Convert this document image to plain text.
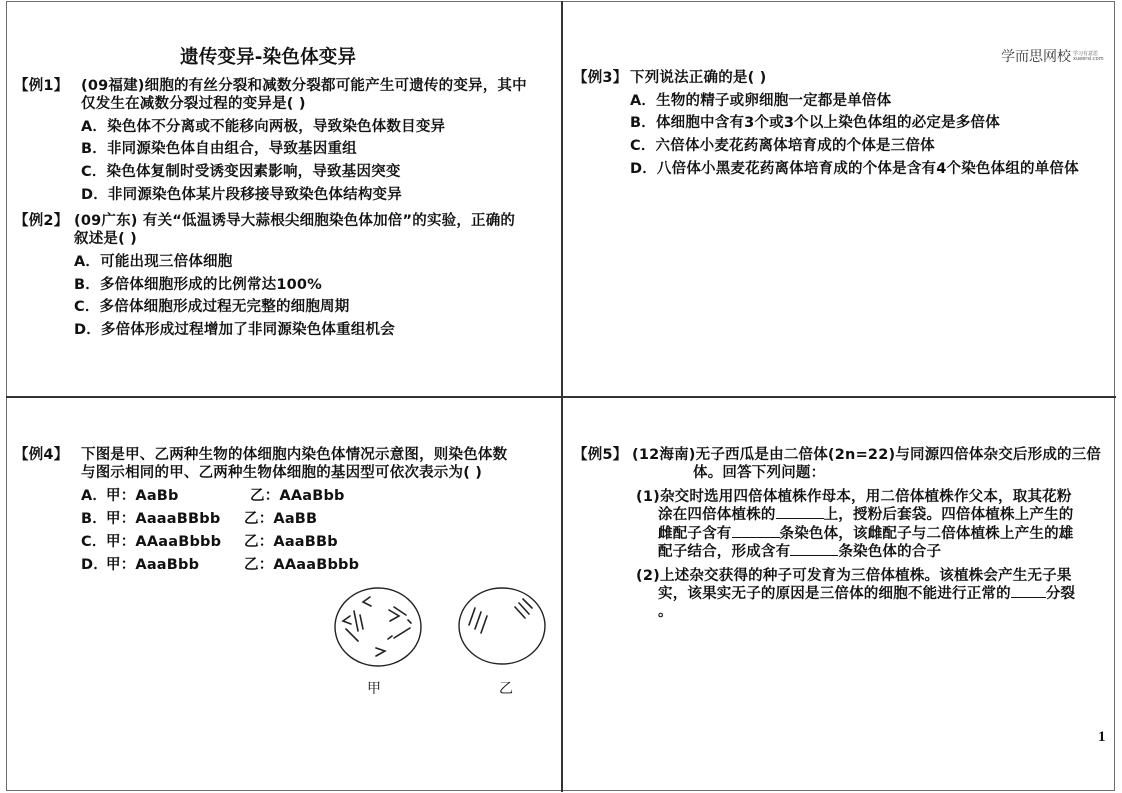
遗传变异-染色体变异
【例1】 (09福建)细胞的有丝分裂和减数分裂都可能产生可遗传的变异，其中
仅发生在减数分裂过程的变异是( )
A．染色体不分离或不能移向两极，导致染色体数目变异
B．非同源染色体自由组合，导致基因重组
C．染色体复制时受诱变因素影响，导致基因突变
D．非同源染色体某片段移接导致染色体结构变异
【例2】 (09广东) 有关“低温诱导大蒜根尖细胞染色体加倍”的实验，正确的
叙述是( )
A．可能出现三倍体细胞
B．多倍体细胞形成的比例常达100%
C．多倍体细胞形成过程无完整的细胞周期
D．多倍体形成过程增加了非同源染色体重组机会
学而思网校 学习有意思
xueersi.com
【例3】 下列说法正确的是( )
A．生物的精子或卵细胞一定都是单倍体
B．体细胞中含有3个或3个以上染色体组的必定是多倍体
C．六倍体小麦花药离体培育成的个体是三倍体
D．八倍体小黑麦花药离体培育成的个体是含有4个染色体组的单倍体
【例4】 下图是甲、乙两种生物的体细胞内染色体情况示意图，则染色体数
与图示相同的甲、乙两种生物体细胞的基因型可依次表示为( )
A．
甲：AaBb	乙：AAaBbb
B． 甲：AaaaBBbb 乙：AaBB
C． 甲：AAaaBbbb 乙：AaaBBb
D．
甲：AaaBbb	乙：AAaaBbbb
甲	乙
【例5】 (12海南)无子西瓜是由二倍体(2n=22)与同源四倍体杂交后形成的三倍
体。回答下列问题：
(1)杂交时选用四倍体植株作母本，用二倍体植株作父本，取其花粉
涂在四倍体植株的	上，授粉后套袋。四倍体植株上产生的
雌配子含有	条染色体，该雌配子与二倍体植株上产生的雄
配子结合，形成含有	条染色体的合子
(2)上述杂交获得的种子可发育为三倍体植株。该植株会产生无子果
实，该果实无子的原因是三倍体的细胞不能进行正常的 分裂
。
1
